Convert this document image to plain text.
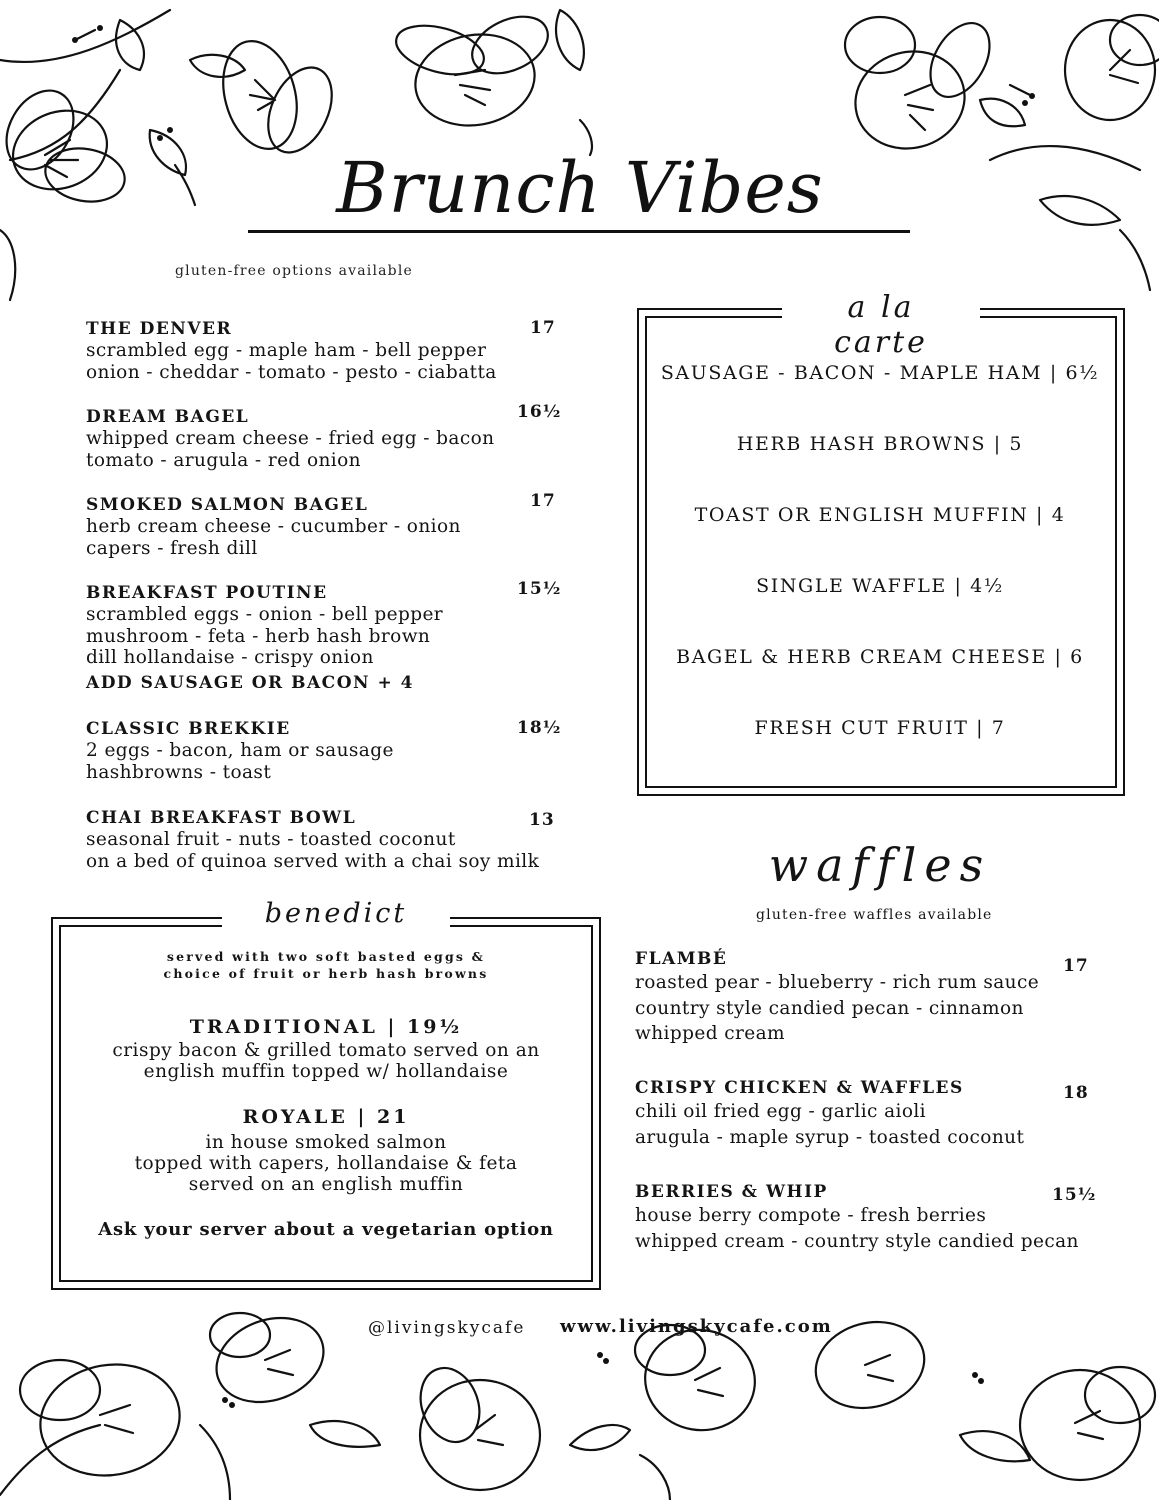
Brunch Vibes
gluten-free options available
THE DENVER	17
scrambled egg - maple ham - bell pepper
onion - cheddar - tomato - pesto - ciabatta
DREAM BAGEL	16½
whipped cream cheese - fried egg - bacon
tomato - arugula - red onion
SMOKED SALMON BAGEL	17
herb cream cheese - cucumber - onion
capers - fresh dill
BREAKFAST POUTINE	15½
scrambled eggs - onion - bell pepper
mushroom - feta - herb hash brown
dill hollandaise - crispy onion
ADD SAUSAGE OR BACON + 4
CLASSIC BREKKIE	18½
2 eggs - bacon, ham or sausage
hashbrowns - toast
CHAI BREAKFAST BOWL	13
seasonal fruit - nuts - toasted coconut
on a bed of quinoa served with a chai soy milk
a la carte
SAUSAGE - BACON - MAPLE HAM | 6½
HERB HASH BROWNS | 5
TOAST OR ENGLISH MUFFIN | 4
SINGLE WAFFLE | 4½
BAGEL & HERB CREAM CHEESE | 6
FRESH CUT FRUIT | 7
benedict
served with two soft basted eggs &
choice of fruit or herb hash browns
TRADITIONAL | 19½
crispy bacon & grilled tomato served on an
english muffin topped w/ hollandaise
ROYALE | 21
in house smoked salmon
topped with capers, hollandaise & feta
served on an english muffin
Ask your server about a vegetarian option
waffles
gluten-free waffles available
FLAMBÉ	17
roasted pear - blueberry - rich rum sauce
country style candied pecan - cinnamon
whipped cream
CRISPY CHICKEN & WAFFLES	18
chili oil fried egg - garlic aioli
arugula - maple syrup - toasted coconut
BERRIES & WHIP	15½
house berry compote - fresh berries
whipped cream - country style candied pecan
@livingskycafe www.livingskycafe.com
